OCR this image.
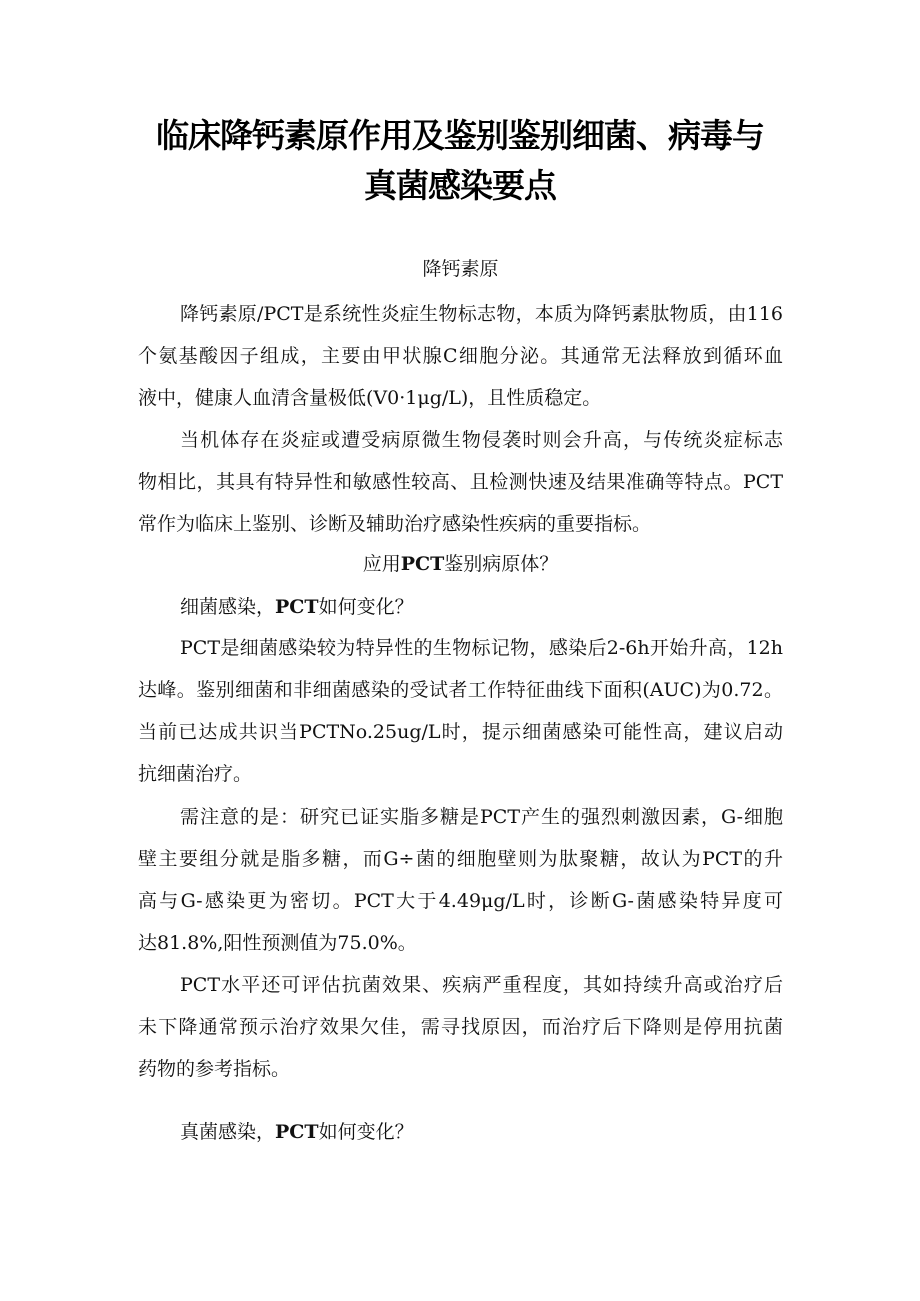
临床降钙素原作用及鉴别鉴别细菌、病毒与
真菌感染要点

降钙素原

降钙素原/PCT是系统性炎症生物标志物，本质为降钙素肽物质，由116
个氨基酸因子组成，主要由甲状腺C细胞分泌。其通常无法释放到循环血
液中，健康人血清含量极低(V0·1μg/L)，且性质稳定。
当机体存在炎症或遭受病原微生物侵袭时则会升高，与传统炎症标志
物相比，其具有特异性和敏感性较高、且检测快速及结果准确等特点。PCT
常作为临床上鉴别、诊断及辅助治疗感染性疾病的重要指标。

应用PCT鉴别病原体？

细菌感染，PCT如何变化？

PCT是细菌感染较为特异性的生物标记物，感染后2-6h开始升高，12h
达峰。鉴别细菌和非细菌感染的受试者工作特征曲线下面积(AUC)为0.72。
当前已达成共识当PCTNo.25ug/L时，提示细菌感染可能性高，建议启动
抗细菌治疗。
需注意的是：研究已证实脂多糖是PCT产生的强烈刺激因素，G-细胞
壁主要组分就是脂多糖，而G÷菌的细胞壁则为肽聚糖，故认为PCT的升
高与G-感染更为密切。PCT大于4.49μg/L时，诊断G-菌感染特异度可
达81.8%,阳性预测值为75.0%。
PCT水平还可评估抗菌效果、疾病严重程度，其如持续升高或治疗后
未下降通常预示治疗效果欠佳，需寻找原因，而治疗后下降则是停用抗菌
药物的参考指标。

真菌感染，PCT如何变化？
